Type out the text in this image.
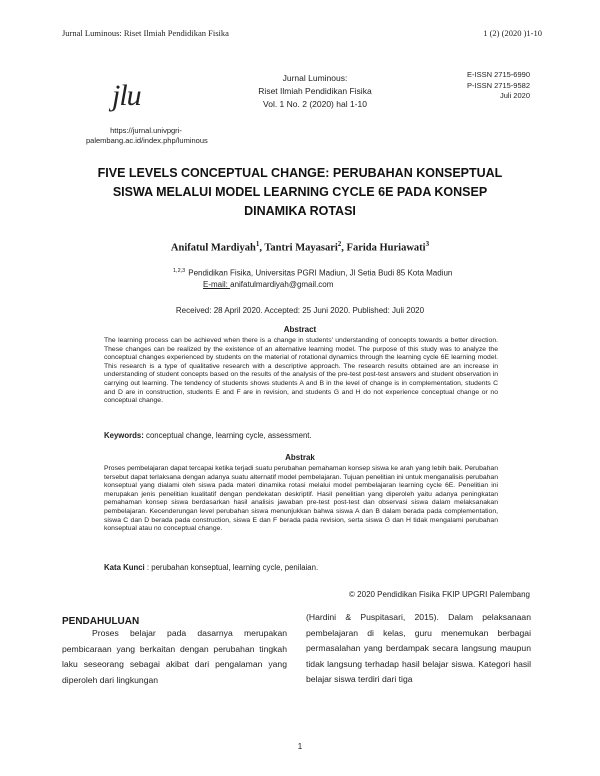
Jurnal Luminous: Riset Ilmiah Pendidikan Fisika	1 (2) (2020 )1-10
jlu
https://jurnal.univpgri-
palembang.ac.id/index.php/luminous
Jurnal Luminous:
Riset Ilmiah Pendidikan Fisika
Vol. 1 No. 2 (2020) hal 1-10
E-ISSN 2715-6990
P-ISSN 2715-9582
Juli 2020
FIVE LEVELS CONCEPTUAL CHANGE: PERUBAHAN KONSEPTUAL
SISWA MELALUI MODEL LEARNING CYCLE 6E PADA KONSEP
DINAMIKA ROTASI
Anifatul Mardiyah$^1$, Tantri Mayasari$^2$, Farida Huriawati$^3$
$^{1,2,3}$ Pendidikan Fisika, Universitas PGRI Madiun, Jl Setia Budi 85 Kota Madiun
E-mail: anifatulmardiyah@gmail.com
Received: 28 April 2020. Accepted: 25 Juni 2020. Published: Juli 2020
Abstract
The learning process can be achieved when there is a change in students' understanding of concepts towards a better direction. These changes can be realized by the existence of an alternative learning model. The purpose of this study was to analyze the conceptual changes experienced by students on the material of rotational dynamics through the learning cycle 6E learning model. This research is a type of qualitative research with a descriptive approach. The research results obtained are an increase in understanding of student concepts based on the results of the analysis of the pre-test post-test answers and student observation in carrying out learning. The tendency of students shows students A and B in the level of change is in complementation, students C and D are in construction, students E and F are in revision, and students G and H do not experience conceptual change or no conceptual change.
Keywords: conceptual change, learning cycle, assessment.
Abstrak
Proses pembelajaran dapat tercapai ketika terjadi suatu perubahan pemahaman konsep siswa ke arah yang lebih baik. Perubahan tersebut dapat terlaksana dengan adanya suatu alternatif model pembelajaran. Tujuan penelitian ini untuk menganalisis perubahan konseptual yang dialami oleh siswa pada materi dinamika rotasi melalui model pembelajaran learning cycle 6E. Penelitian ini merupakan jenis penelitian kualitatif dengan pendekatan deskriptif. Hasil penelitian yang diperoleh yaitu adanya peningkatan pemahaman konsep siswa berdasarkan hasil analisis jawaban pre-test post-test dan observasi siswa dalam melaksanakan pembelajaran. Kecenderungan level perubahan siswa menunjukkan bahwa siswa A dan B dalam berada pada complementation, siswa C dan D berada pada construction, siswa E dan F berada pada revision, serta siswa G dan H tidak mengalami perubahan konseptual atau no conceptual change.
Kata Kunci : perubahan konseptual, learning cycle, penilaian.
© 2020 Pendidikan Fisika FKIP UPGRI Palembang
PENDAHULUAN
Proses belajar pada dasarnya merupakan pembicaraan yang berkaitan dengan perubahan tingkah laku seseorang sebagai akibat dari pengalaman yang diperoleh dari lingkungan
(Hardini & Puspitasari, 2015). Dalam pelaksanaan pembelajaran di kelas, guru menemukan berbagai permasalahan yang berdampak secara langsung maupun tidak langsung terhadap hasil belajar siswa. Kategori hasil belajar siswa terdiri dari tiga
1
